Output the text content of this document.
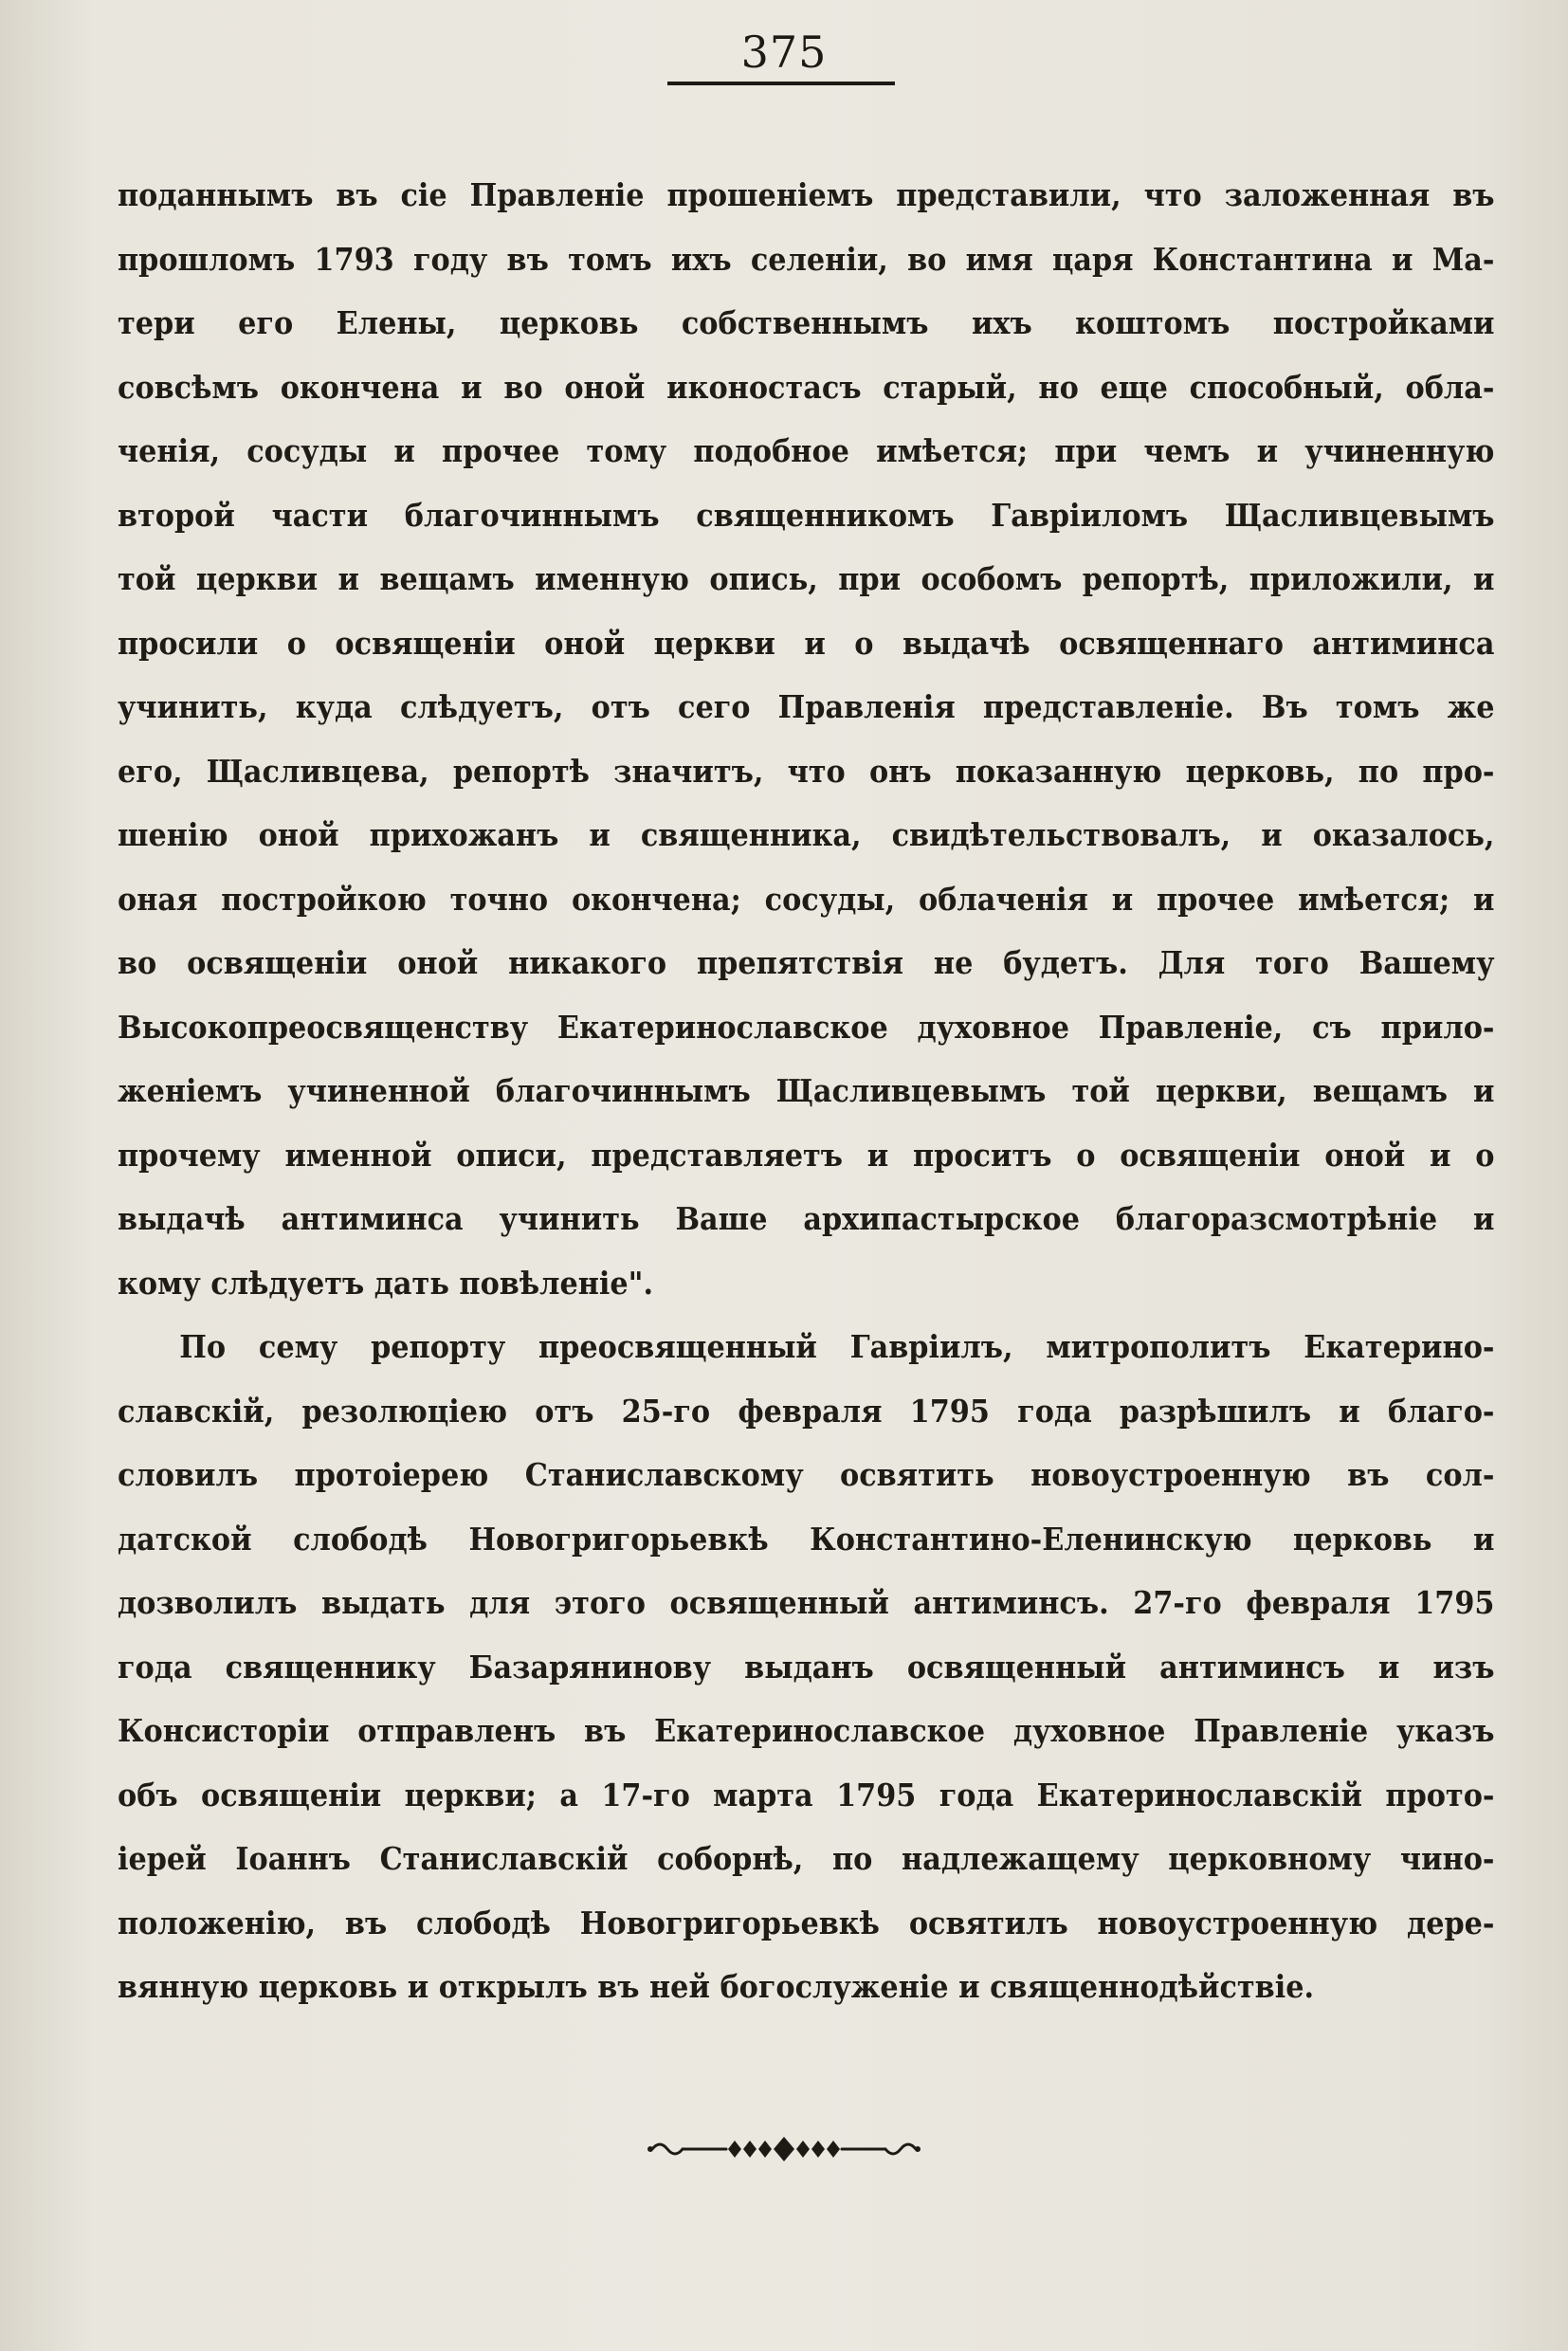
375
поданнымъ въ сіе Правленіе прошеніемъ представили, что заложенная въ
прошломъ 1793 году въ томъ ихъ селеніи, во имя царя Константина и Ма-
тери его Елены, церковь собственнымъ ихъ коштомъ постройками
совсѣмъ окончена и во оной иконостасъ старый, но еще способный, обла-
ченія, сосуды и прочее тому подобное имѣется; при чемъ и учиненную
второй части благочиннымъ священникомъ Гавріиломъ Щасливцевымъ
той церкви и вещамъ именную опись, при особомъ репортѣ, приложили, и
просили о освященіи оной церкви и о выдачѣ освященнаго антиминса
учинить, куда слѣдуетъ, отъ сего Правленія представленіе. Въ томъ же
его, Щасливцева, репортѣ значитъ, что онъ показанную церковь, по про-
шенію оной прихожанъ и священника, свидѣтельствовалъ, и оказалось,
оная постройкою точно окончена; сосуды, облаченія и прочее имѣется; и
во освященіи оной никакого препятствія не будетъ. Для того Вашему
Высокопреосвященству Екатеринославское духовное Правленіе, съ прило-
женіемъ учиненной благочиннымъ Щасливцевымъ той церкви, вещамъ и
прочему именной описи, представляетъ и проситъ о освященіи оной и о
выдачѣ антиминса учинить Ваше архипастырское благоразсмотрѣніе и
кому слѣдуетъ дать повѣленіе".
По сему репорту преосвященный Гавріилъ, митрополитъ Екатерино-
славскій, резолюціею отъ 25-го февраля 1795 года разрѣшилъ и благо-
словилъ протоіерею Станиславскому освятить новоустроенную въ сол-
датской слободѣ Новогригорьевкѣ Константино-Еленинскую церковь и
дозволилъ выдать для этого освященный антиминсъ. 27-го февраля 1795
года священнику Базарянинову выданъ освященный антиминсъ и изъ
Консисторіи отправленъ въ Екатеринославское духовное Правленіе указъ
объ освященіи церкви; а 17-го марта 1795 года Екатеринославскій прото-
іерей Іоаннъ Станиславскій соборнѣ, по надлежащему церковному чино-
положенію, въ слободѣ Новогригорьевкѣ освятилъ новоустроенную дере-
вянную церковь и открылъ въ ней богослуженіе и священнодѣйствіе.
